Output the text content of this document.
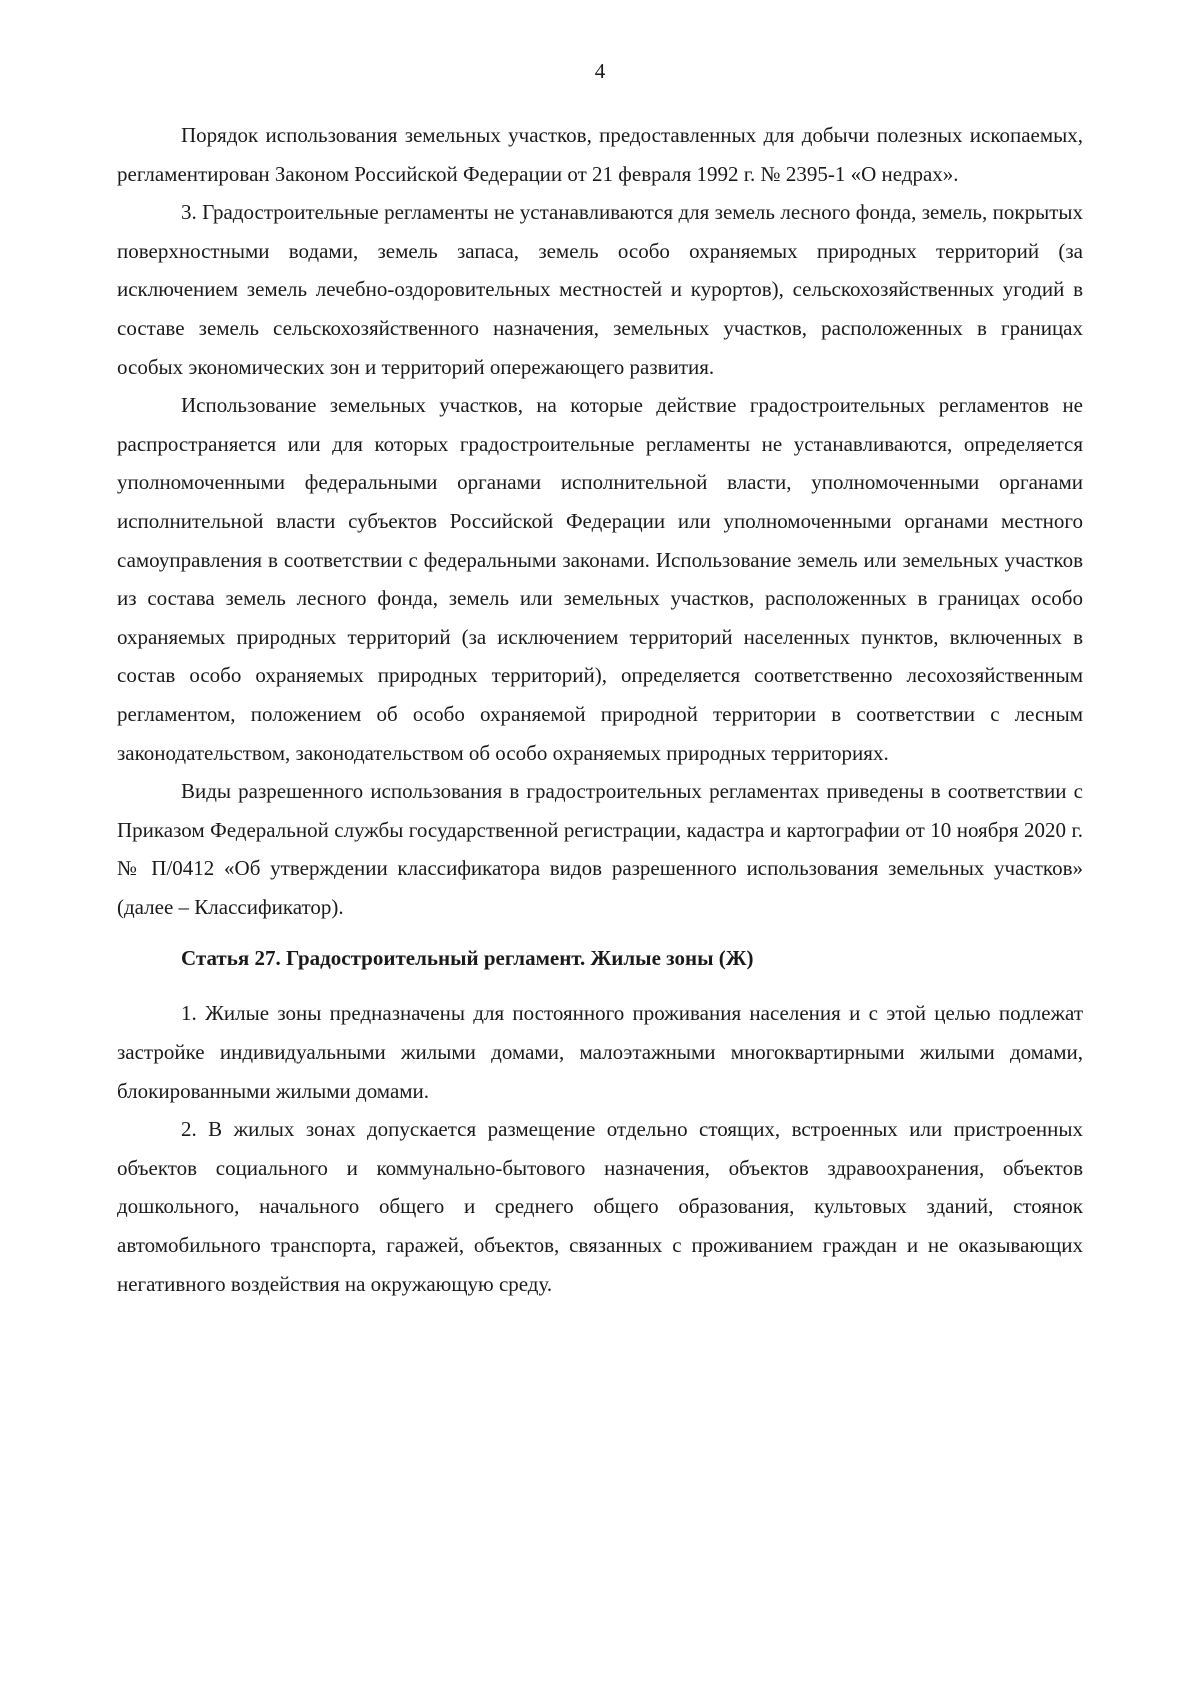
4

Порядок использования земельных участков, предоставленных для добычи полезных ископаемых, регламентирован Законом Российской Федерации от 21 февраля 1992 г. № 2395-1 «О недрах».

3. Градостроительные регламенты не устанавливаются для земель лесного фонда, земель, покрытых поверхностными водами, земель запаса, земель особо охраняемых природных территорий (за исключением земель лечебно-оздоровительных местностей и курортов), сельскохозяйственных угодий в составе земель сельскохозяйственного назначения, земельных участков, расположенных в границах особых экономических зон и территорий опережающего развития.

Использование земельных участков, на которые действие градостроительных регламентов не распространяется или для которых градостроительные регламенты не устанавливаются, определяется уполномоченными федеральными органами исполнительной власти, уполномоченными органами исполнительной власти субъектов Российской Федерации или уполномоченными органами местного самоуправления в соответствии с федеральными законами. Использование земель или земельных участков из состава земель лесного фонда, земель или земельных участков, расположенных в границах особо охраняемых природных территорий (за исключением территорий населенных пунктов, включенных в состав особо охраняемых природных территорий), определяется соответственно лесохозяйственным регламентом, положением об особо охраняемой природной территории в соответствии с лесным законодательством, законодательством об особо охраняемых природных территориях.

Виды разрешенного использования в градостроительных регламентах приведены в соответствии с Приказом Федеральной службы государственной регистрации, кадастра и картографии от 10 ноября 2020 г. № П/0412 «Об утверждении классификатора видов разрешенного использования земельных участков» (далее – Классификатор).

Статья 27. Градостроительный регламент. Жилые зоны (Ж)

1. Жилые зоны предназначены для постоянного проживания населения и с этой целью подлежат застройке индивидуальными жилыми домами, малоэтажными многоквартирными жилыми домами, блокированными жилыми домами.

2. В жилых зонах допускается размещение отдельно стоящих, встроенных или пристроенных объектов социального и коммунально-бытового назначения, объектов здравоохранения, объектов дошкольного, начального общего и среднего общего образования, культовых зданий, стоянок автомобильного транспорта, гаражей, объектов, связанных с проживанием граждан и не оказывающих негативного воздействия на окружающую среду.
